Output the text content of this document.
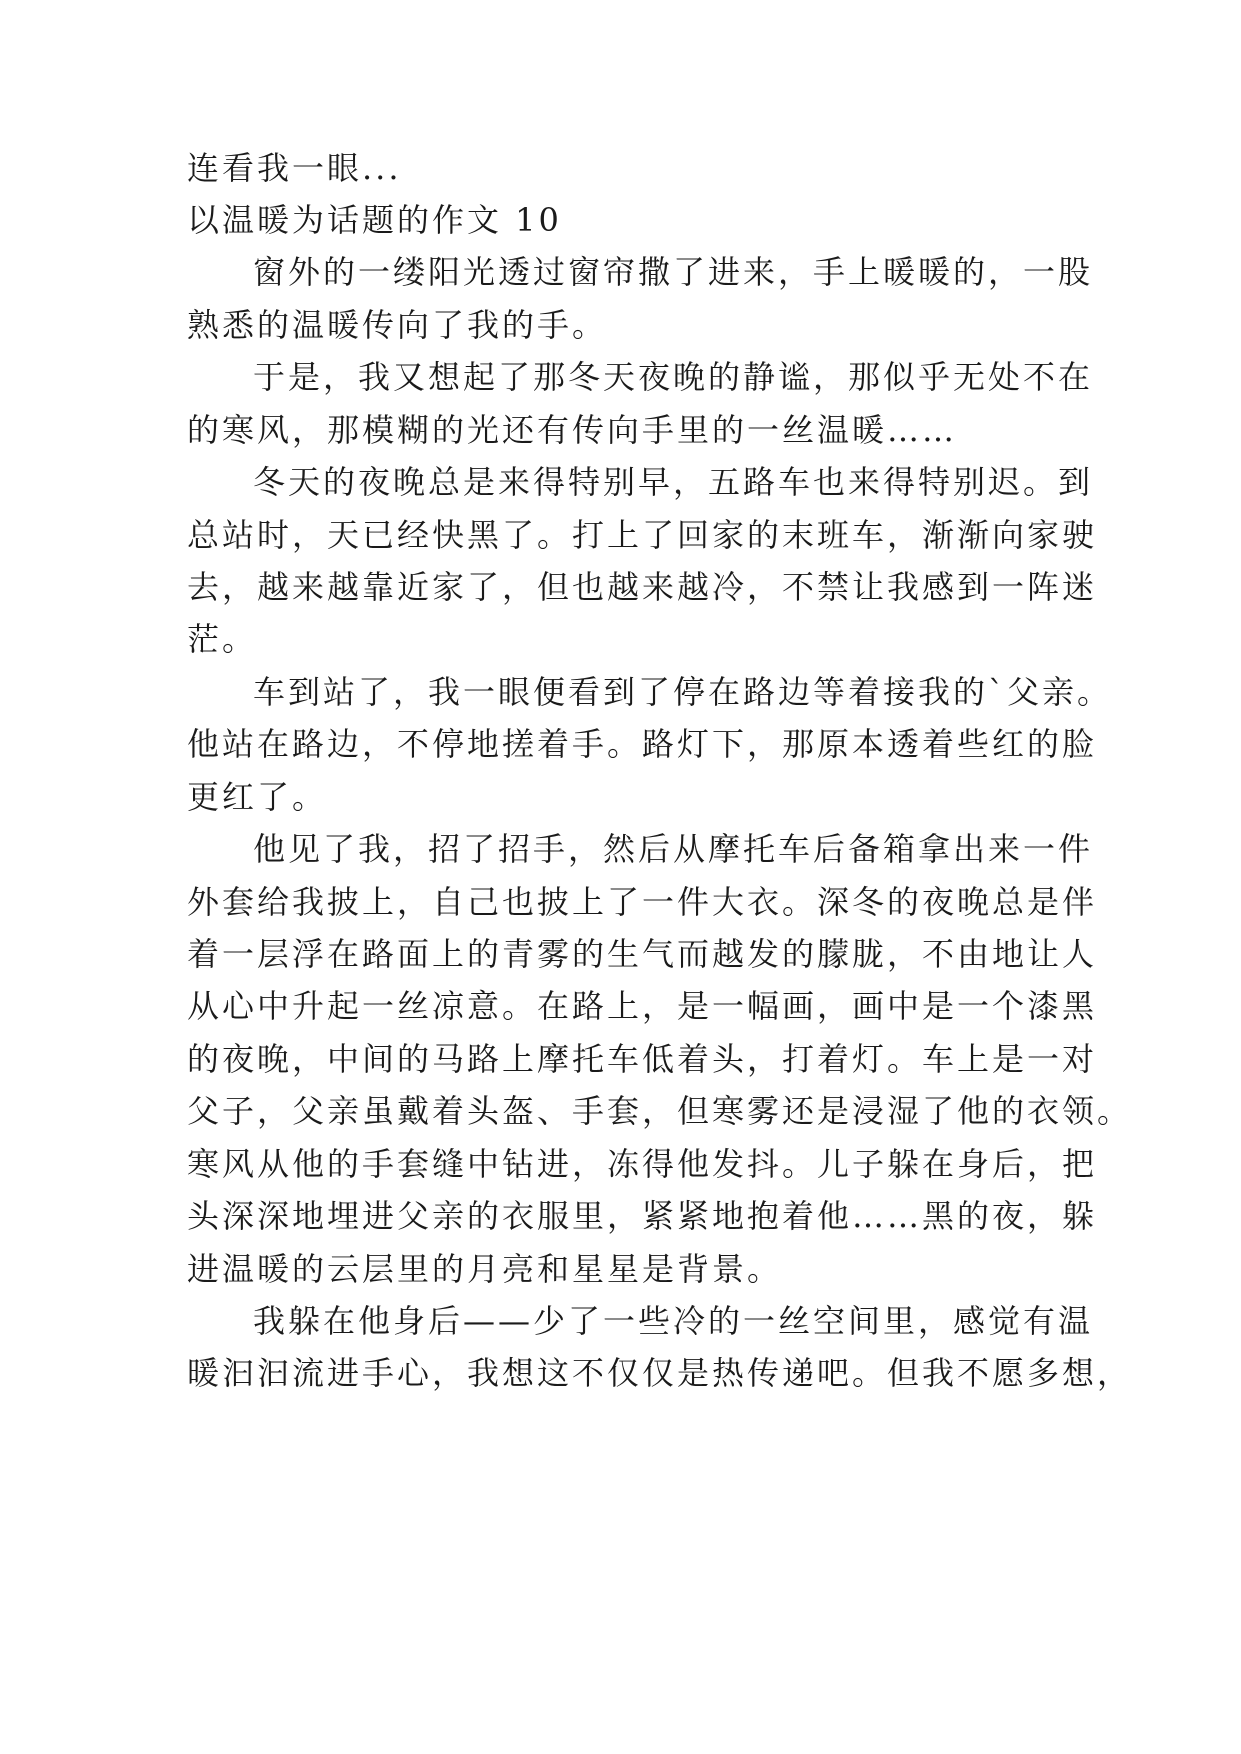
连看我一眼...
以温暖为话题的作文 10
窗外的一缕阳光透过窗帘撒了进来，手上暖暖的，一股
熟悉的温暖传向了我的手。
于是，我又想起了那冬天夜晚的静谧，那似乎无处不在
的寒风，那模糊的光还有传向手里的一丝温暖……
冬天的夜晚总是来得特别早，五路车也来得特别迟。到
总站时，天已经快黑了。打上了回家的末班车，渐渐向家驶
去，越来越靠近家了，但也越来越冷，不禁让我感到一阵迷
茫。
车到站了，我一眼便看到了停在路边等着接我的`父亲。
他站在路边，不停地搓着手。路灯下，那原本透着些红的脸
更红了。
他见了我，招了招手，然后从摩托车后备箱拿出来一件
外套给我披上，自己也披上了一件大衣。深冬的夜晚总是伴
着一层浮在路面上的青雾的生气而越发的朦胧，不由地让人
从心中升起一丝凉意。在路上，是一幅画，画中是一个漆黑
的夜晚，中间的马路上摩托车低着头，打着灯。车上是一对
父子，父亲虽戴着头盔、手套，但寒雾还是浸湿了他的衣领。
寒风从他的手套缝中钻进，冻得他发抖。儿子躲在身后，把
头深深地埋进父亲的衣服里，紧紧地抱着他……黑的夜，躲
进温暖的云层里的月亮和星星是背景。
我躲在他身后——少了一些冷的一丝空间里，感觉有温
暖汩汩流进手心，我想这不仅仅是热传递吧。但我不愿多想，
